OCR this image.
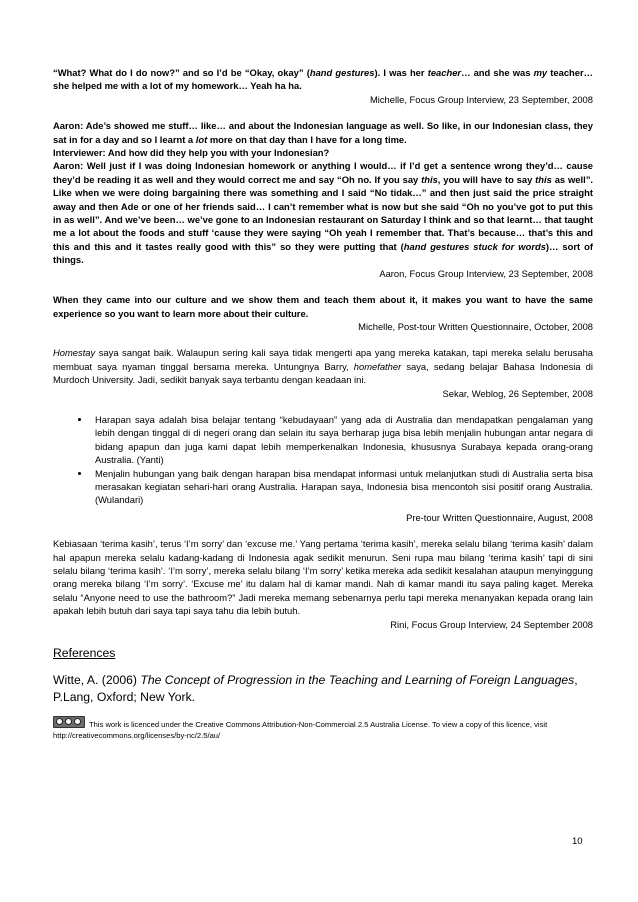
“What? What do I do now?” and so I’d be “Okay, okay” (hand gestures). I was her teacher… and she was my teacher… she helped me with a lot of my homework… Yeah ha ha.

Michelle, Focus Group Interview, 23 September, 2008

Aaron: Ade’s showed me stuff… like… and about the Indonesian language as well. So like, in our Indonesian class, they sat in for a day and so I learnt a lot more on that day than I have for a long time.

Interviewer: And how did they help you with your Indonesian?

Aaron: Well just if I was doing Indonesian homework or anything I would… if I’d get a sentence wrong they’d… cause they’d be reading it as well and they would correct me and say “Oh no. If you say this, you will have to say this as well”. Like when we were doing bargaining there was something and I said “No tidak…” and then just said the price straight away and then Ade or one of her friends said… I can’t remember what is now but she said “Oh no you’ve got to put this in as well”. And we’ve been… we’ve gone to an Indonesian restaurant on Saturday I think and so that learnt… that taught me a lot about the foods and stuff ‘cause they were saying “Oh yeah I remember that. That’s because… that’s this and this and this and it tastes really good with this” so they were putting that (hand gestures stuck for words)… sort of things.

Aaron, Focus Group Interview, 23 September, 2008

When they came into our culture and we show them and teach them about it, it makes you want to have the same experience so you want to learn more about their culture.

Michelle, Post-tour Written Questionnaire, October, 2008

Homestay saya sangat baik. Walaupun sering kali saya tidak mengerti apa yang mereka katakan, tapi mereka selalu berusaha membuat saya nyaman tinggal bersama mereka. Untungnya Barry, homefather saya, sedang belajar Bahasa Indonesia di Murdoch University. Jadi, sedikit banyak saya terbantu dengan keadaan ini.

Sekar, Weblog, 26 September, 2008

• Harapan saya adalah bisa belajar tentang “kebudayaan” yang ada di Australia dan mendapatkan pengalaman yang lebih dengan tinggal di di negeri orang dan selain itu saya berharap juga bisa lebih menjalin hubungan antar negara di bidang apapun dan juga kami dapat lebih memperkenalkan Indonesia, khususnya Surabaya kepada orang-orang Australia. (Yanti)
• Menjalin hubungan yang baik dengan harapan bisa mendapat informasi untuk melanjutkan studi di Australia serta bisa merasakan kegiatan sehari-hari orang Australia. Harapan saya, Indonesia bisa mencontoh sisi positif orang Australia. (Wulandari)

Pre-tour Written Questionnaire, August, 2008

Kebiasaan ‘terima kasih’, terus ‘I’m sorry’ dan ‘excuse me.’ Yang pertama ‘terima kasih’, mereka selalu bilang ‘terima kasih’ dalam hal apapun mereka selalu kadang-kadang di Indonesia agak sedikit menurun. Seni rupa mau bilang ‘terima kasih’ tapi di sini selalu bilang ‘terima kasih’. ‘I’m sorry’, mereka selalu bilang ‘I’m sorry’ ketika mereka ada sedikit kesalahan ataupun menyinggung orang mereka bilang ‘I’m sorry’. ‘Excuse me’ itu dalam hal di kamar mandi. Nah di kamar mandi itu saya paling kaget. Mereka selalu “Anyone need to use the bathroom?” Jadi mereka memang sebenarnya perlu tapi mereka menanyakan kepada orang lain apakah lebih butuh dari saya tapi saya tahu dia lebih butuh.

Rini, Focus Group Interview, 24 September 2008

References

Witte, A. (2006) The Concept of Progression in the Teaching and Learning of Foreign Languages, P.Lang, Oxford; New York.

This work is licenced under the Creative Commons Attribution-Non-Commercial 2.5 Australia License. To view a copy of this licence, visit http://creativecommons.org/licenses/by-nc/2.5/au/

10
